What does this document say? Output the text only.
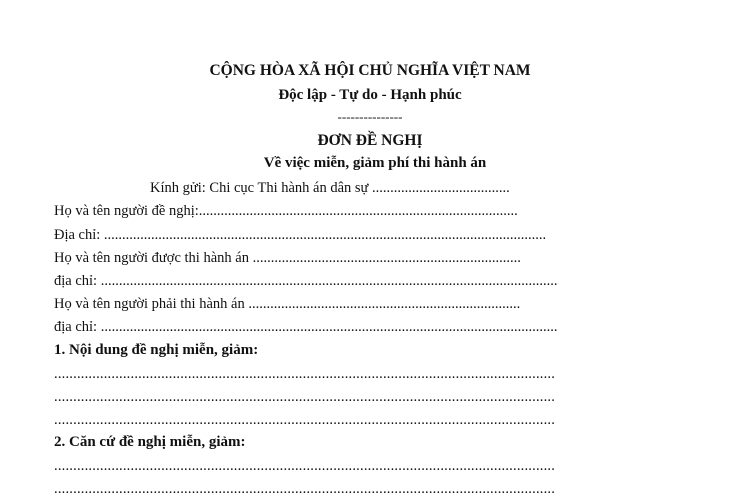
CỘNG HÒA XÃ HỘI CHỦ NGHĨA VIỆT NAM
Độc lập - Tự do - Hạnh phúc
---------------
ĐƠN ĐỀ NGHỊ
Về việc miễn, giảm phí thi hành án
Kính gửi: Chi cục Thi hành án dân sự ......................................
Họ và tên người đề nghị:........................................................................................
Địa chỉ: ..........................................................................................................................
Họ và tên người được thi hành án ..........................................................................
địa chỉ: ..............................................................................................................................
Họ và tên người phải thi hành án ...........................................................................
địa chỉ: ..............................................................................................................................
1. Nội dung đề nghị miễn, giảm:
...................................................................................................................................
...................................................................................................................................
...................................................................................................................................
2. Căn cứ đề nghị miễn, giảm:
...................................................................................................................................
...................................................................................................................................
